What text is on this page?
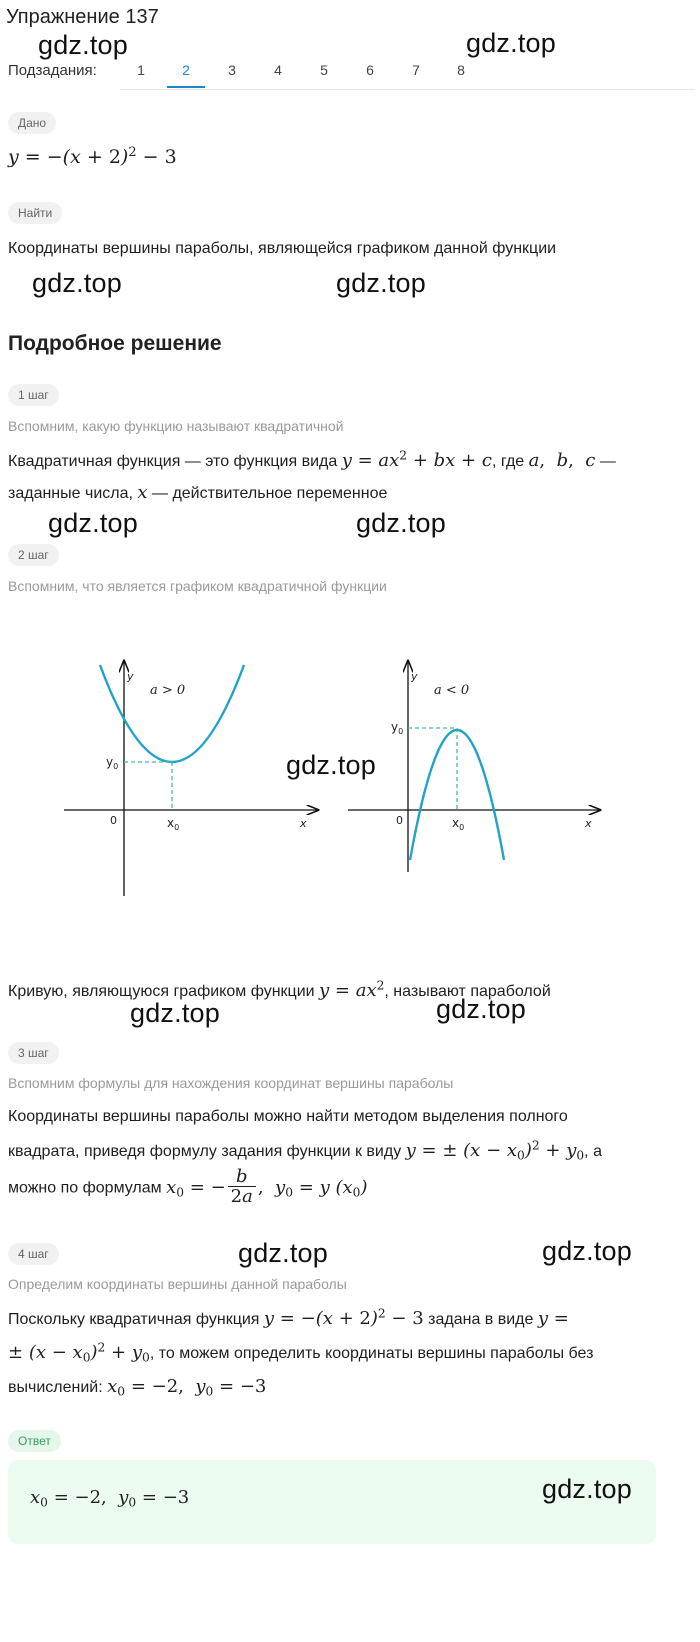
Упражнение 137
Подзадания:	1	2	3	4	5	6	7	8
Дано
$y = -(x + 2)^2 - 3$
Найти
Координаты вершины параболы, являющейся графиком данной функции
Подробное решение
1 шаг
Вспомним, какую функцию называют квадратичной
Квадратичная функция — это функция вида $y = ax^2$ + bx + c, где a,  b,  c —
заданные числа, x — действительное переменное
2 шаг
Вспомним, что является графиком квадратичной функции
a > 0
y
x
0
$y_0$
$x_0$
a < 0
y
x
0
$y_0$
$x_0$
Кривую, являющуюся графиком функции $y = ax^2$, называют параболой
3 шаг
Вспомним формулы для нахождения координат вершины параболы
Координаты вершины параболы можно найти методом выделения полного
квадрата, приведя формулу задания функции к виду y = ± $(x - x_0)^2 + y_0$, а
можно по формулам $x_0$ = − $\frac{b}{2a}$ ,  $y_0 = y$ $(x_0)$
4 шаг
Определим координаты вершины данной параболы
Поскольку квадратичная функция $y = -(x + 2)^2 - 3$ задана в виде y =
± $(x - x_0)^2 + y_0$, то можем определить координаты вершины параболы без
вычислений: $x_0 = -2$,  $y_0 = -3$
Ответ
$x_0 = -2$,  $y_0 = -3$
gdz.top	gdz.top
gdz.top	gdz.top
gdz.top	gdz.top
gdz.top
gdz.top	gdz.top
gdz.top	gdz.top
gdz.top
